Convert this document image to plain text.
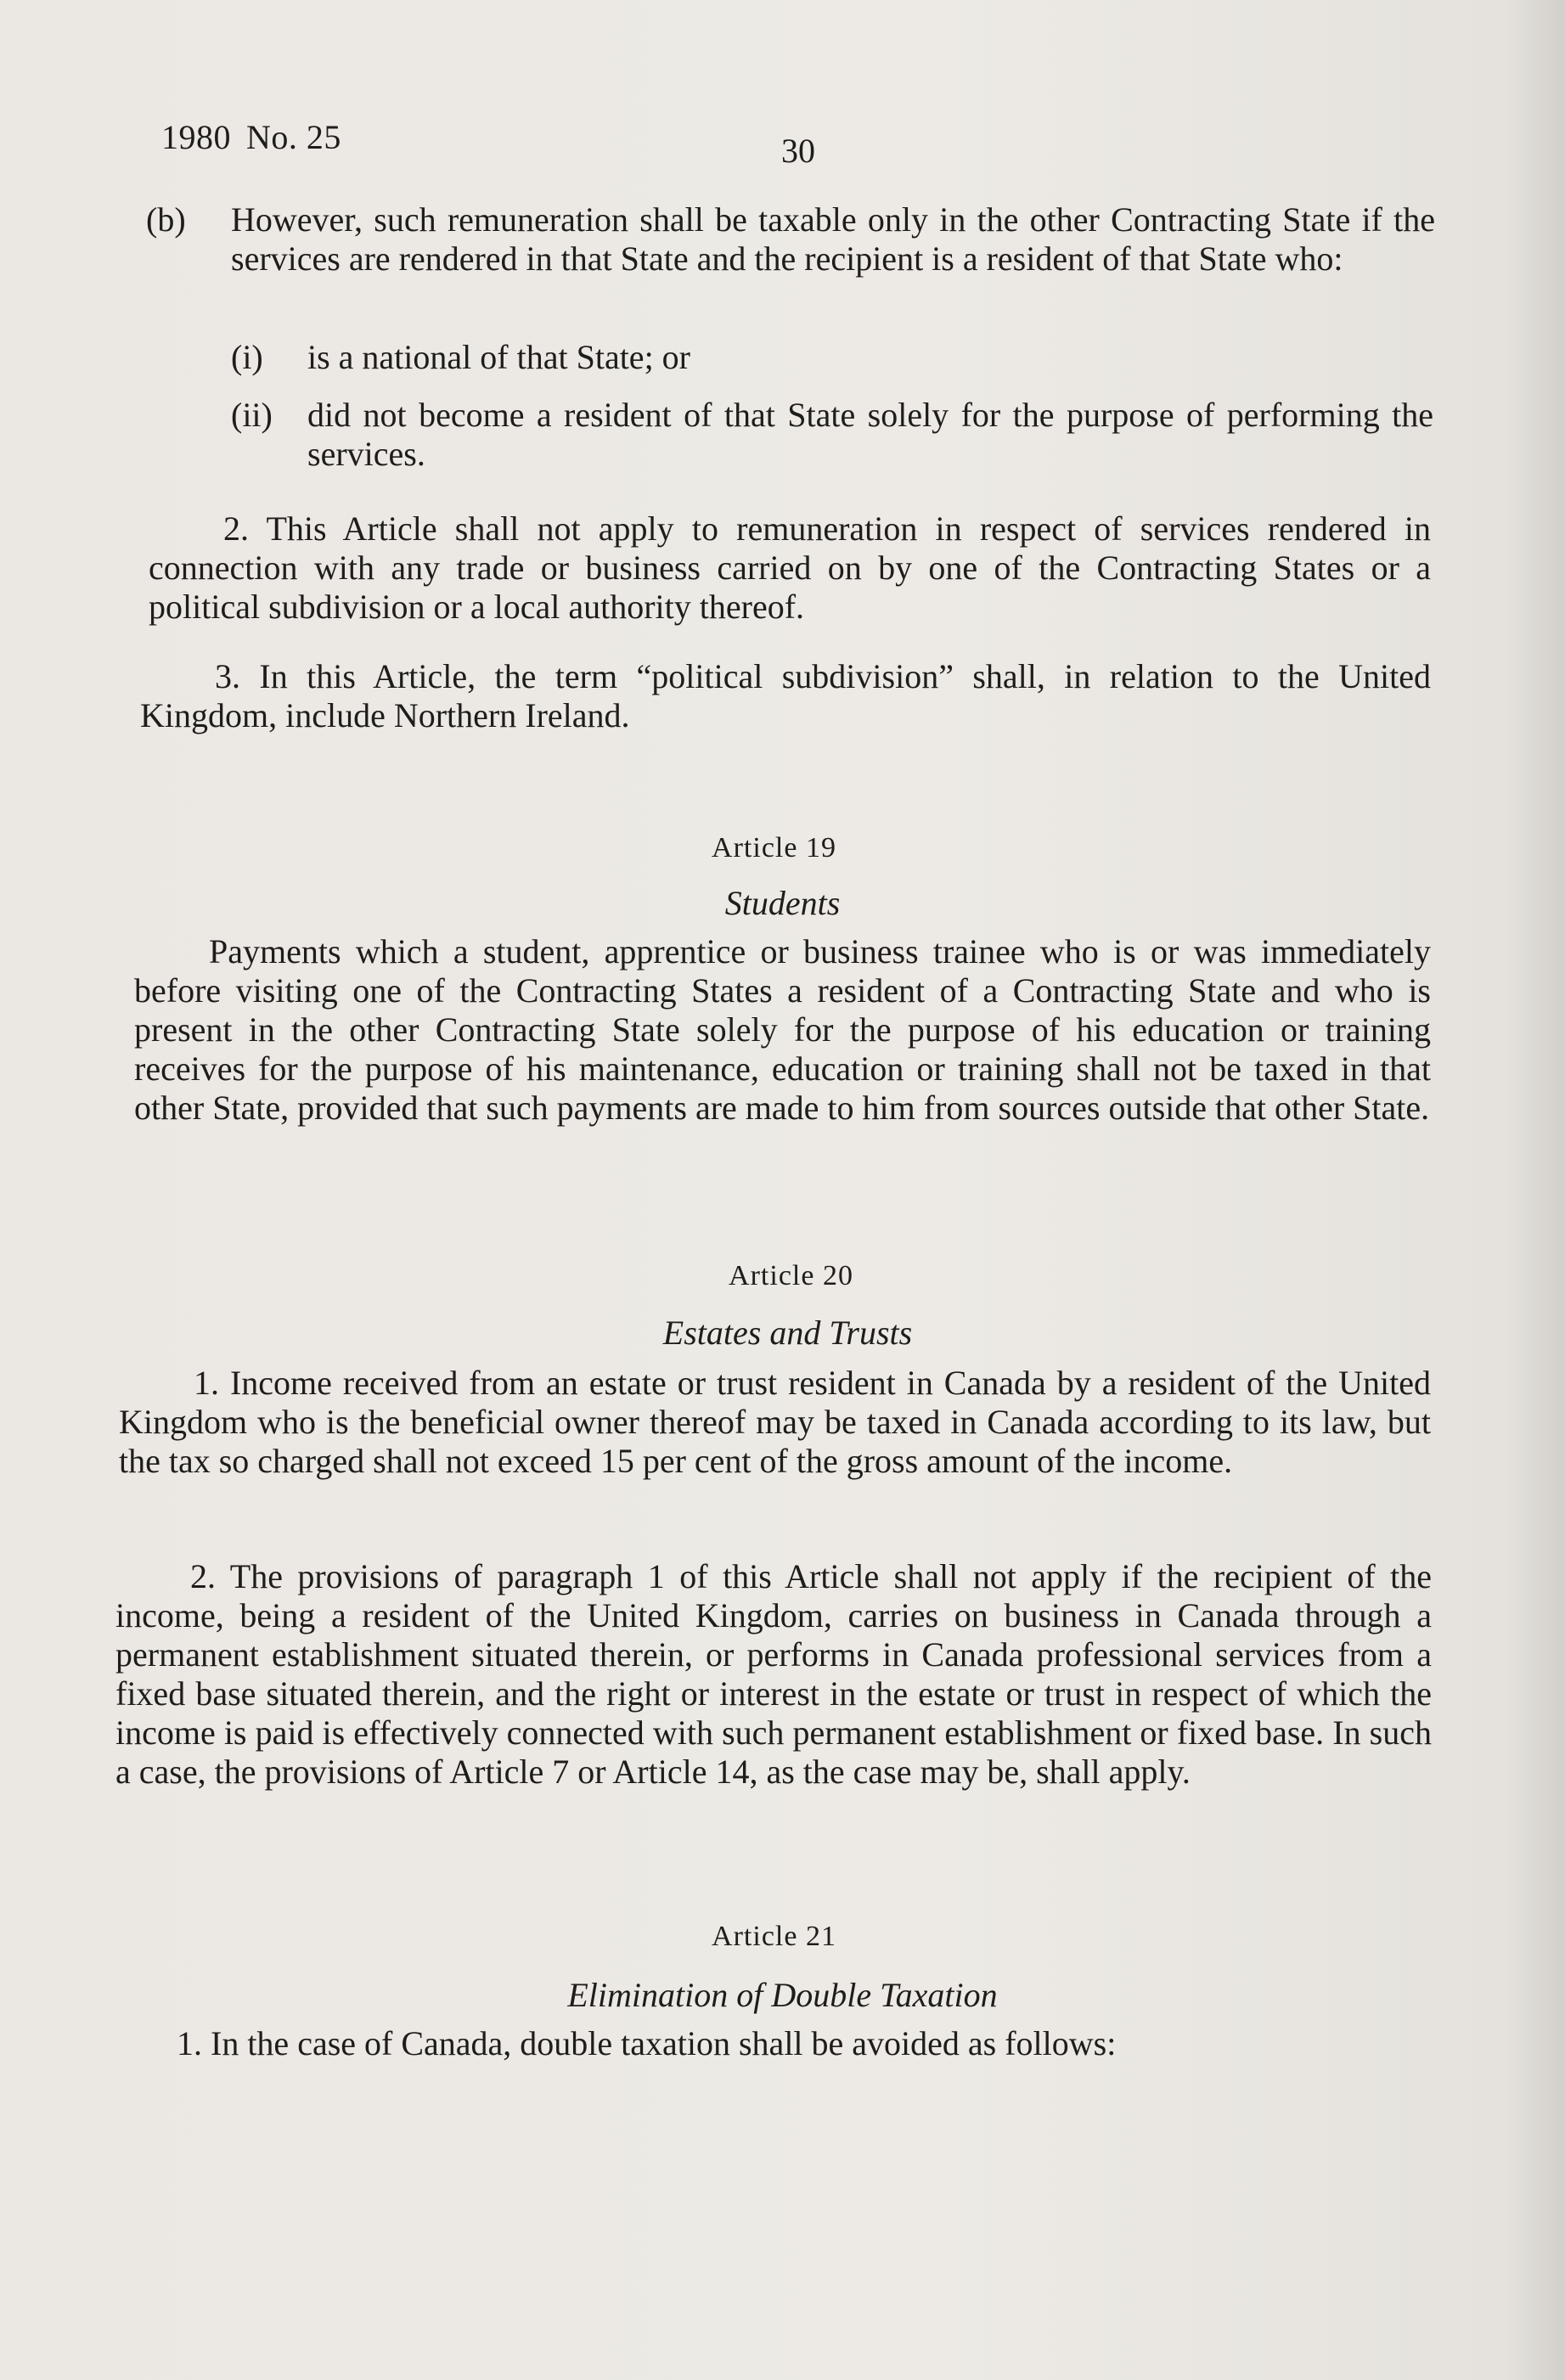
1980 No. 25	30
(b) However, such remuneration shall be taxable only in the other Contracting State if the services are rendered in that State and the recipient is a resident of that State who:
(i) is a national of that State; or
(ii) did not become a resident of that State solely for the purpose of performing the services.

2. This Article shall not apply to remuneration in respect of services rendered in connection with any trade or business carried on by one of the Contracting States or a political subdivision or a local authority thereof.

3. In this Article, the term “political subdivision” shall, in relation to the United Kingdom, include Northern Ireland.

Article 19

Students

Payments which a student, apprentice or business trainee who is or was immediately before visiting one of the Contracting States a resident of a Contracting State and who is present in the other Contracting State solely for the purpose of his education or training receives for the purpose of his maintenance, education or training shall not be taxed in that other State, provided that such payments are made to him from sources outside that other State.

Article 20

Estates and Trusts

1. Income received from an estate or trust resident in Canada by a resident of the United Kingdom who is the beneficial owner thereof may be taxed in Canada according to its law, but the tax so charged shall not exceed 15 per cent of the gross amount of the income.

2. The provisions of paragraph 1 of this Article shall not apply if the recipient of the income, being a resident of the United Kingdom, carries on business in Canada through a permanent establishment situated therein, or performs in Canada professional services from a fixed base situated therein, and the right or interest in the estate or trust in respect of which the income is paid is effectively connected with such permanent establishment or fixed base. In such a case, the provisions of Article 7 or Article 14, as the case may be, shall apply.

Article 21

Elimination of Double Taxation

1. In the case of Canada, double taxation shall be avoided as follows:
